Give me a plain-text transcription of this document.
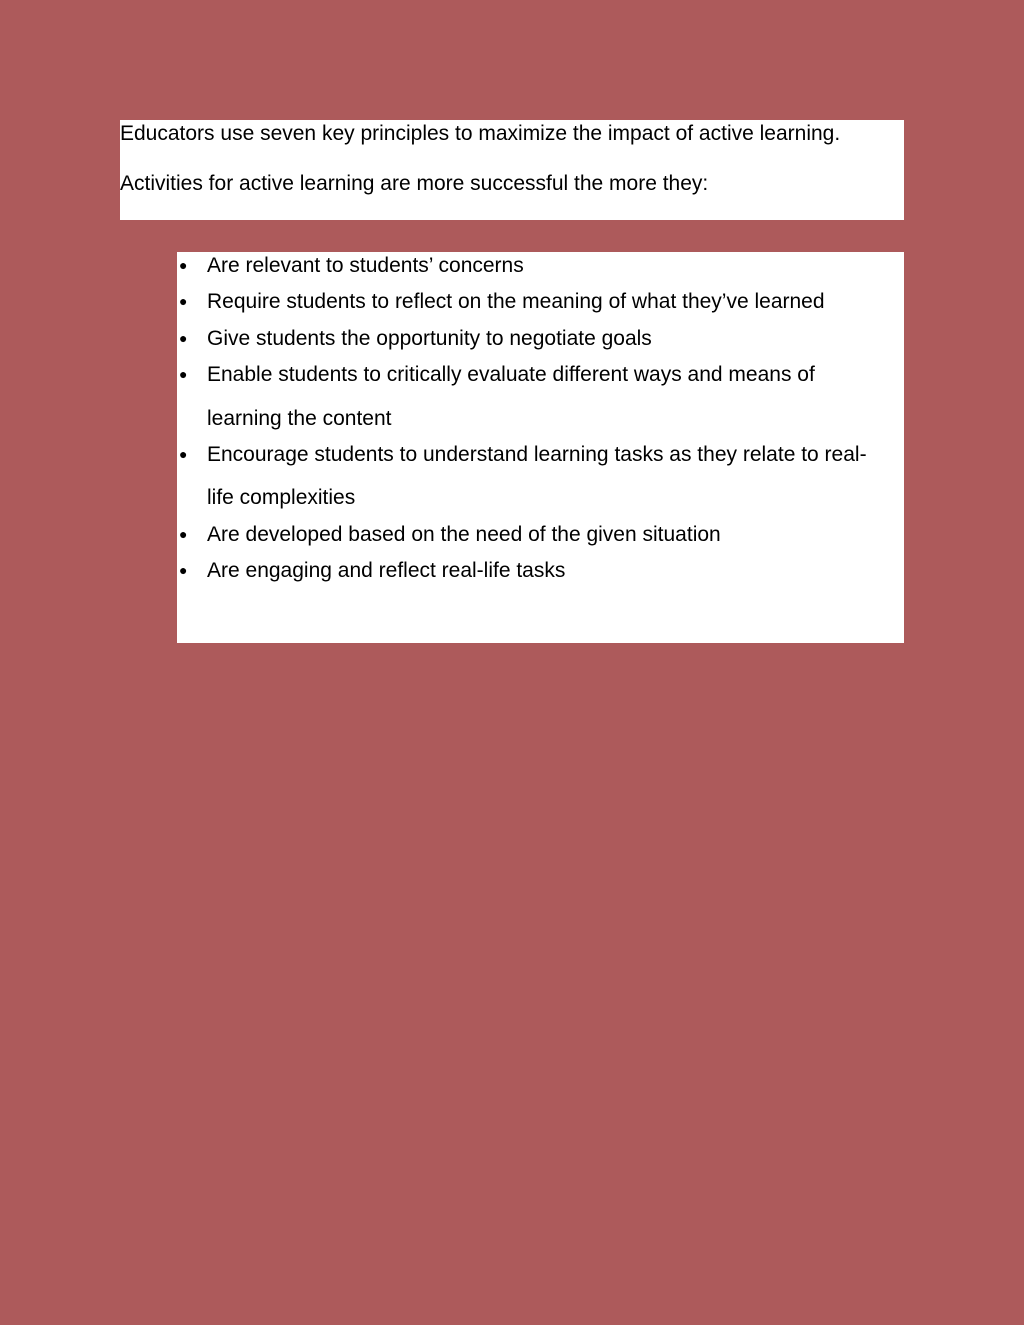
Educators use seven key principles to maximize the impact of active learning.
Activities for active learning are more successful the more they:
● Are relevant to students’ concerns
● Require students to reflect on the meaning of what they’ve learned
● Give students the opportunity to negotiate goals
● Enable students to critically evaluate different ways and means of learning the content
● Encourage students to understand learning tasks as they relate to real-life complexities
● Are developed based on the need of the given situation
● Are engaging and reflect real-life tasks
